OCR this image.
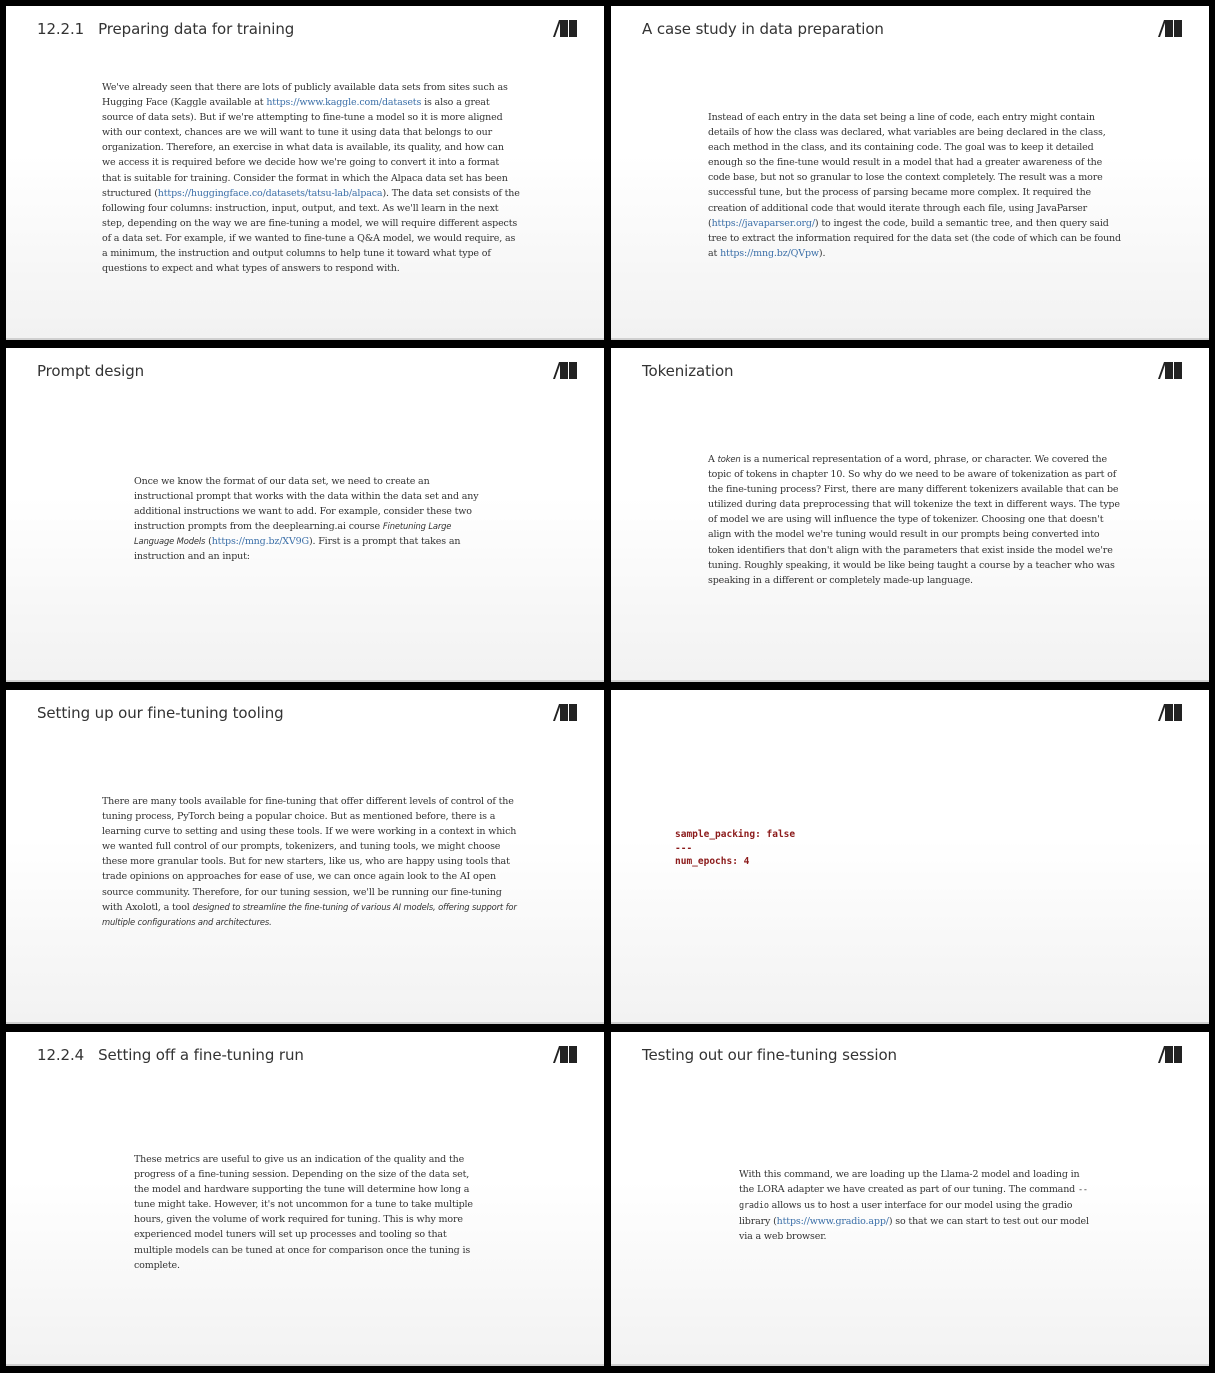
12.2.1 Preparing data for training

We've already seen that there are lots of publicly available data sets from sites such as Hugging Face (Kaggle available at https://www.kaggle.com/datasets is also a great source of data sets). But if we're attempting to fine-tune a model so it is more aligned with our context, chances are we will want to tune it using data that belongs to our organization. Therefore, an exercise in what data is available, its quality, and how can we access it is required before we decide how we're going to convert it into a format that is suitable for training. Consider the format in which the Alpaca data set has been structured (https://huggingface.co/datasets/tatsu-lab/alpaca). The data set consists of the following four columns: instruction, input, output, and text. As we'll learn in the next step, depending on the way we are fine-tuning a model, we will require different aspects of a data set. For example, if we wanted to fine-tune a Q&A model, we would require, as a minimum, the instruction and output columns to help tune it toward what type of questions to expect and what types of answers to respond with.

A case study in data preparation

Instead of each entry in the data set being a line of code, each entry might contain details of how the class was declared, what variables are being declared in the class, each method in the class, and its containing code. The goal was to keep it detailed enough so the fine-tune would result in a model that had a greater awareness of the code base, but not so granular to lose the context completely. The result was a more successful tune, but the process of parsing became more complex. It required the creation of additional code that would iterate through each file, using JavaParser (https://javaparser.org/) to ingest the code, build a semantic tree, and then query said tree to extract the information required for the data set (the code of which can be found at https://mng.bz/QVpw).

Prompt design

Once we know the format of our data set, we need to create an instructional prompt that works with the data within the data set and any additional instructions we want to add. For example, consider these two instruction prompts from the deeplearning.ai course Finetuning Large Language Models (https://mng.bz/XV9G). First is a prompt that takes an instruction and an input:

Tokenization

A token is a numerical representation of a word, phrase, or character. We covered the topic of tokens in chapter 10. So why do we need to be aware of tokenization as part of the fine-tuning process? First, there are many different tokenizers available that can be utilized during data preprocessing that will tokenize the text in different ways. The type of model we are using will influence the type of tokenizer. Choosing one that doesn't align with the model we're tuning would result in our prompts being converted into token identifiers that don't align with the parameters that exist inside the model we're tuning. Roughly speaking, it would be like being taught a course by a teacher who was speaking in a different or completely made-up language.

Setting up our fine-tuning tooling

There are many tools available for fine-tuning that offer different levels of control of the tuning process, PyTorch being a popular choice. But as mentioned before, there is a learning curve to setting and using these tools. If we were working in a context in which we wanted full control of our prompts, tokenizers, and tuning tools, we might choose these more granular tools. But for new starters, like us, who are happy using tools that trade opinions on approaches for ease of use, we can once again look to the AI open source community. Therefore, for our tuning session, we'll be running our fine-tuning with Axolotl, a tool designed to streamline the fine-tuning of various AI models, offering support for multiple configurations and architectures.

sample_packing: false
---
num_epochs: 4
12.2.4 Setting off a fine-tuning run

These metrics are useful to give us an indication of the quality and the progress of a fine-tuning session. Depending on the size of the data set, the model and hardware supporting the tune will determine how long a tune might take. However, it's not uncommon for a tune to take multiple hours, given the volume of work required for tuning. This is why more experienced model tuners will set up processes and tooling so that multiple models can be tuned at once for comparison once the tuning is complete.

Testing out our fine-tuning session

With this command, we are loading up the Llama-2 model and loading in the LORA adapter we have created as part of our tuning. The command --gradio allows us to host a user interface for our model using the gradio library (https://www.gradio.app/) so that we can start to test out our model via a web browser.
